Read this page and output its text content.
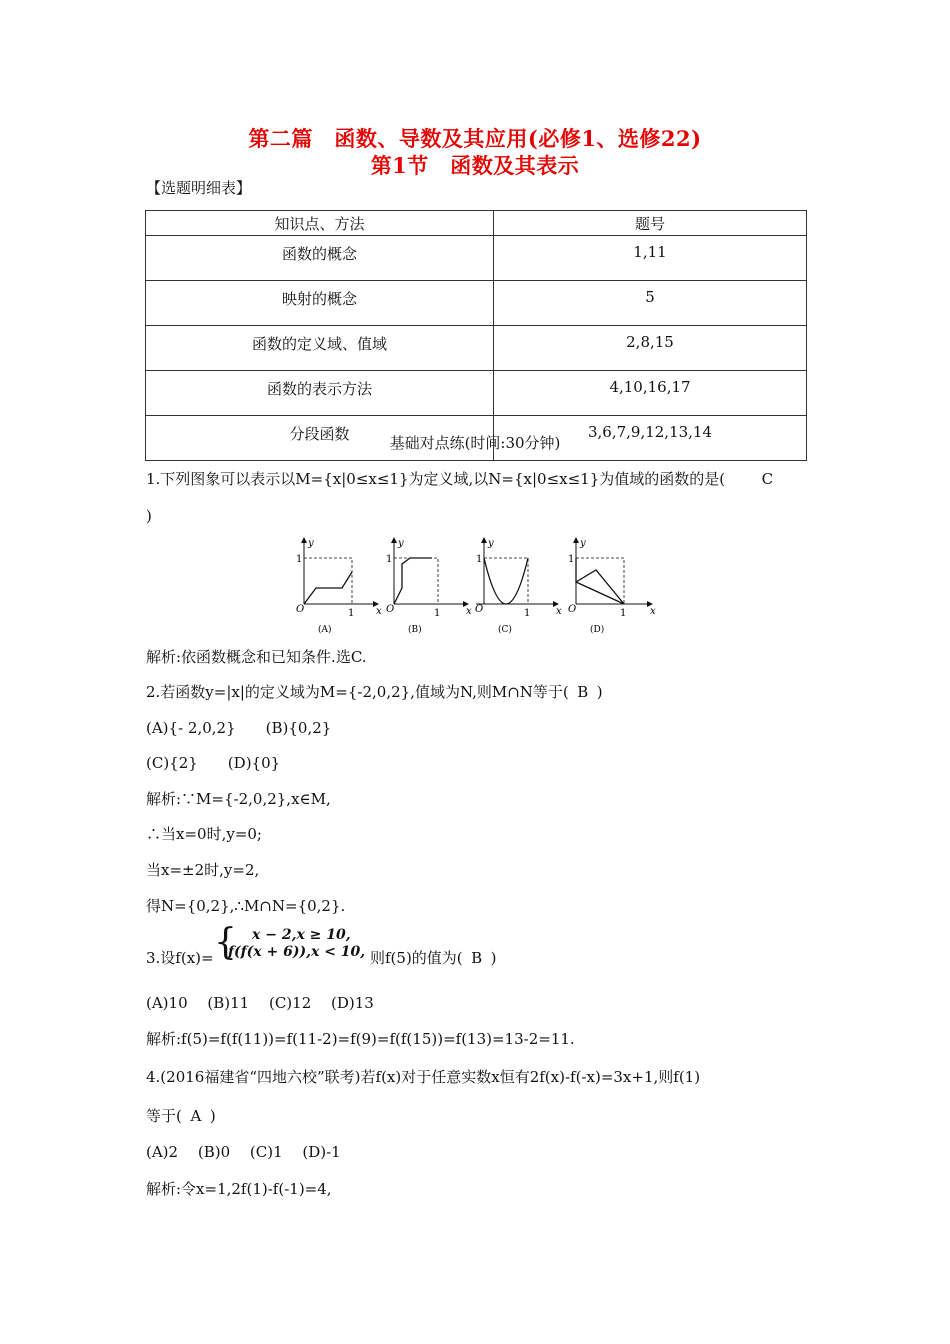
第二篇　函数、导数及其应用(必修1、选修22)
第1节　函数及其表示
【选题明细表】
知识点、方法	题号
函数的概念	1,11
映射的概念	5
函数的定义域、值域	2,8,15
函数的表示方法	4,10,16,17
分段函数	3,6,7,9,12,13,14
基础对点练(时间:30分钟)
1.下列图象可以表示以M={x|0≤x≤1}为定义域,以N={x|0≤x≤1}为值域的函数的是( C
)
y
x
O
1
1
(A)
y
x
O
1
1
(B)
y
x
O
1
1
(C)
y
x
O
1
1
(D)
解析:依函数概念和已知条件.选C.
2.若函数y=|x|的定义域为M={-2,0,2},值域为N,则M∩N等于( B )
(A){- 2,0,2}　　(B){0,2}
(C){2}　　(D){0}
解析:∵M={-2,0,2},x∈M,
∴当x=0时,y=0;
当x=±2时,y=2,
得N={0,2},∴M∩N={0,2}.
3.设f(x)= { x − 2,x ≥ 10,
f(f(x + 6)),x < 10, 则f(5)的值为( B )
(A)10　 (B)11　 (C)12　 (D)13
解析:f(5)=f(f(11))=f(11-2)=f(9)=f(f(15))=f(13)=13-2=11.
4.(2016福建省“四地六校”联考)若f(x)对于任意实数x恒有2f(x)-f(-x)=3x+1,则f(1)
等于( A )
(A)2　 (B)0　 (C)1　 (D)-1
解析:令x=1,2f(1)-f(-1)=4,
